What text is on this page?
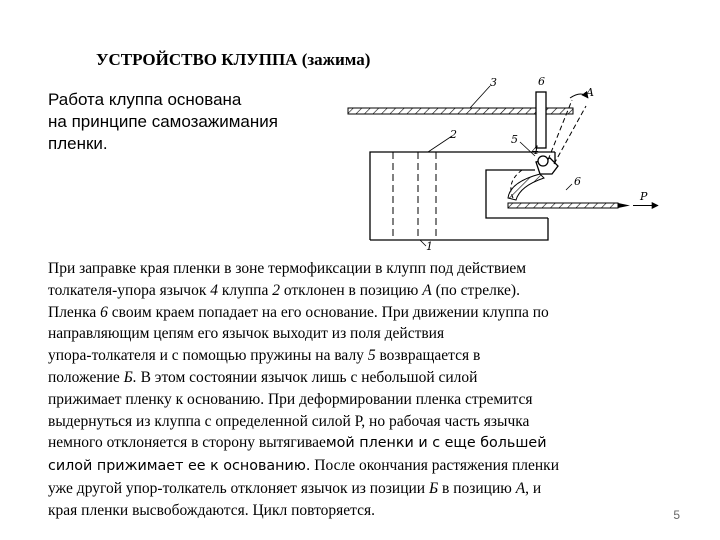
УСТРОЙСТВО КЛУППА (зажима)
Работа клуппа основана
на принципе самозажимания
пленки.
3	6
A
2	5
4
6
P
1
При заправке края пленки в зоне термофиксации в клупп под действием
толкателя-упора язычок 4 клуппа 2 отклонен в позицию А (по стрелке).
Пленка 6 своим краем попадает на его основание. При движении клуппа по
направляющим цепям его язычок выходит из поля действия
упора-толкателя и с помощью пружины на валу 5 возвращается в
положение Б. В этом состоянии язычок лишь с небольшой силой
прижимает пленку к основанию. При деформировании пленка стремится
выдернуться из клуппа с определенной силой Р, но рабочая часть язычка
немного отклоняется в сторону вытягиваемой пленки и с еще большей
силой прижимает ее к основанию. После окончания растяжения пленки
уже другой упор-толкатель отклоняет язычок из позиции Б в позицию А, и
края пленки высвобождаются. Цикл повторяется.	5
